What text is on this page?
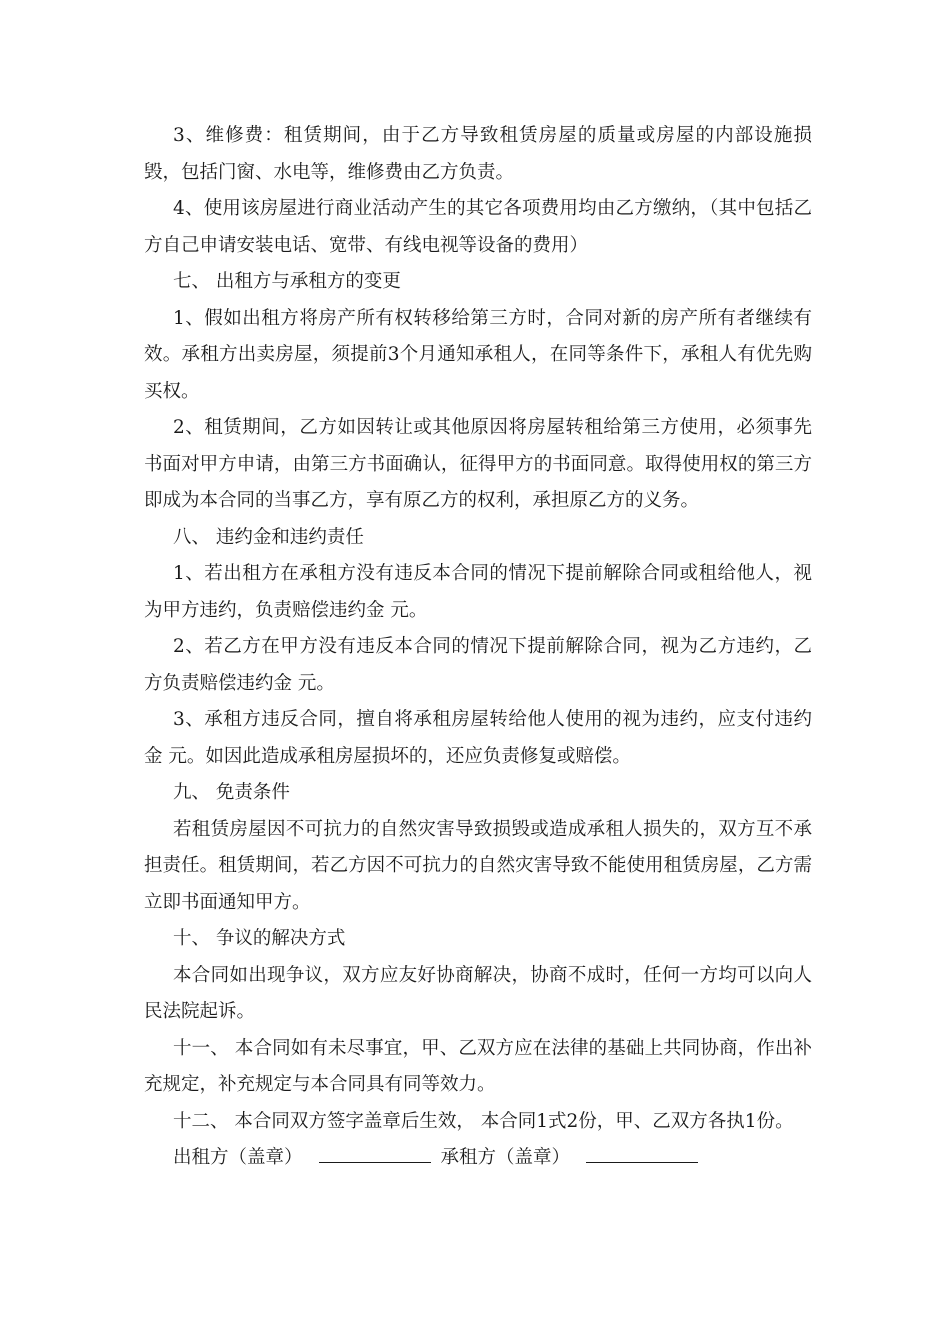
3、维修费：租赁期间，由于乙方导致租赁房屋的质量或房屋的内部设施损毁，包括门窗、水电等，维修费由乙方负责。

4、使用该房屋进行商业活动产生的其它各项费用均由乙方缴纳，（其中包括乙方自己申请安装电话、宽带、有线电视等设备的费用）

七、 出租方与承租方的变更

1、假如出租方将房产所有权转移给第三方时，合同对新的房产所有者继续有效。承租方出卖房屋，须提前3个月通知承租人，在同等条件下，承租人有优先购买权。

2、租赁期间，乙方如因转让或其他原因将房屋转租给第三方使用，必须事先书面对甲方申请，由第三方书面确认，征得甲方的书面同意。取得使用权的第三方即成为本合同的当事乙方，享有原乙方的权利，承担原乙方的义务。

八、 违约金和违约责任

1、若出租方在承租方没有违反本合同的情况下提前解除合同或租给他人，视为甲方违约，负责赔偿违约金 元。

2、若乙方在甲方没有违反本合同的情况下提前解除合同，视为乙方违约，乙方负责赔偿违约金 元。

3、承租方违反合同，擅自将承租房屋转给他人使用的视为违约，应支付违约金 元。如因此造成承租房屋损坏的，还应负责修复或赔偿。

九、 免责条件

若租赁房屋因不可抗力的自然灾害导致损毁或造成承租人损失的，双方互不承担责任。租赁期间，若乙方因不可抗力的自然灾害导致不能使用租赁房屋，乙方需立即书面通知甲方。

十、 争议的解决方式

本合同如出现争议，双方应友好协商解决，协商不成时，任何一方均可以向人民法院起诉。

十一、 本合同如有未尽事宜，甲、乙双方应在法律的基础上共同协商，作出补充规定，补充规定与本合同具有同等效力。

十二、 本合同双方签字盖章后生效， 本合同1式2份，甲、乙双方各执1份。

出租方（盖章）	承租方（盖章）
